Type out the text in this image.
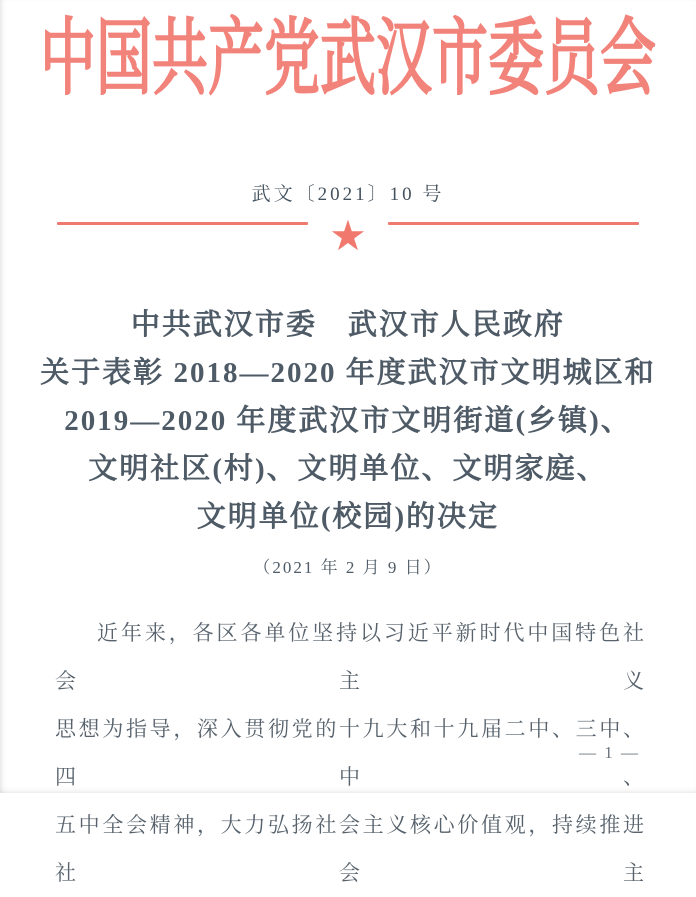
中国共产党武汉市委员会
武文〔2021〕10 号
★
中共武汉市委　武汉市人民政府
关于表彰 2018—2020 年度武汉市文明城区和
2019—2020 年度武汉市文明街道(乡镇)、
文明社区(村)、文明单位、文明家庭、
文明单位(校园)的决定
（2021 年 2 月 9 日）
近年来，各区各单位坚持以习近平新时代中国特色社会主义
思想为指导，深入贯彻党的十九大和十九届二中、三中、四中、
五中全会精神，大力弘扬社会主义核心价值观，持续推进社会主
— 1 —
